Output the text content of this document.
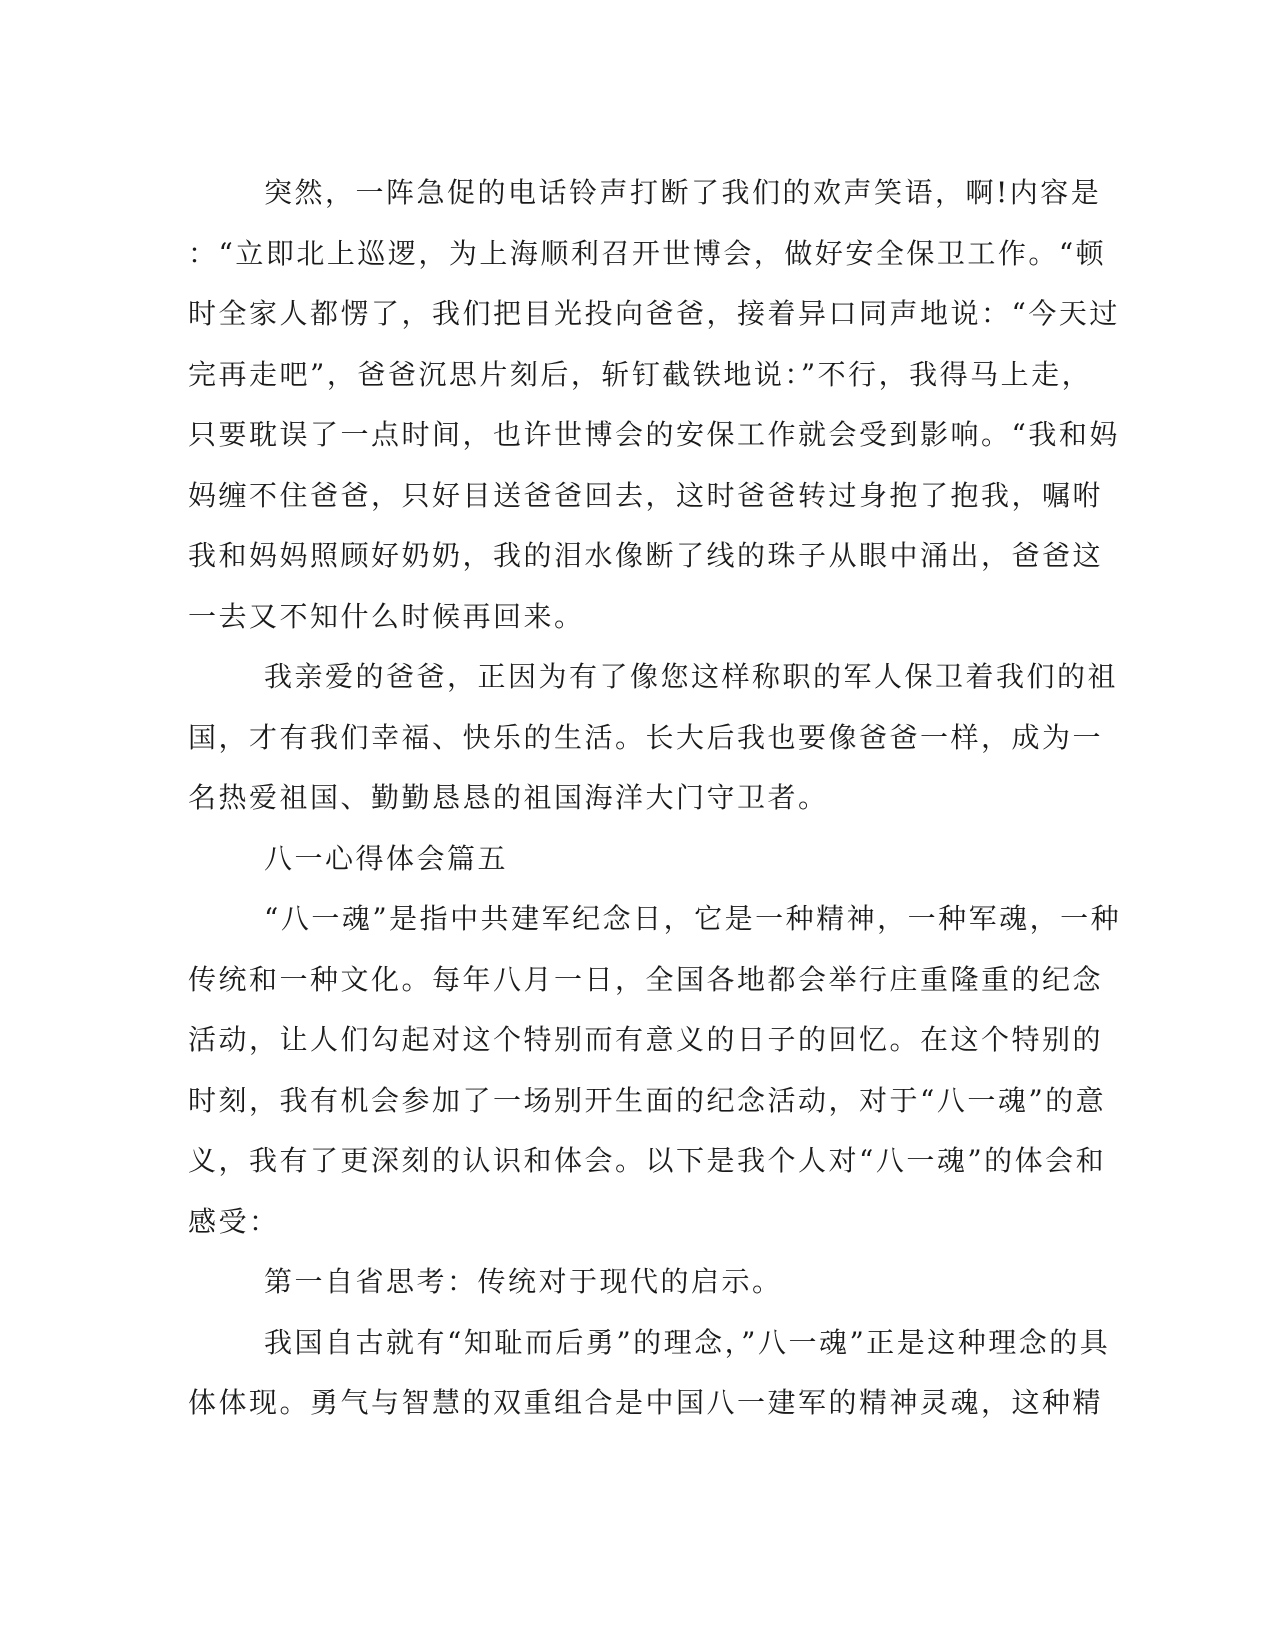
突然，一阵急促的电话铃声打断了我们的欢声笑语，啊!内容是
：“立即北上巡逻，为上海顺利召开世博会，做好安全保卫工作。“顿
时全家人都愣了，我们把目光投向爸爸，接着异口同声地说：“今天过
完再走吧”，爸爸沉思片刻后，斩钉截铁地说：”不行，我得马上走，
只要耽误了一点时间，也许世博会的安保工作就会受到影响。“我和妈
妈缠不住爸爸，只好目送爸爸回去，这时爸爸转过身抱了抱我，嘱咐
我和妈妈照顾好奶奶，我的泪水像断了线的珠子从眼中涌出，爸爸这
一去又不知什么时候再回来。
我亲爱的爸爸，正因为有了像您这样称职的军人保卫着我们的祖
国，才有我们幸福、快乐的生活。长大后我也要像爸爸一样，成为一
名热爱祖国、勤勤恳恳的祖国海洋大门守卫者。
八一心得体会篇五
“八一魂”是指中共建军纪念日，它是一种精神，一种军魂，一种
传统和一种文化。每年八月一日，全国各地都会举行庄重隆重的纪念
活动，让人们勾起对这个特别而有意义的日子的回忆。在这个特别的
时刻，我有机会参加了一场别开生面的纪念活动，对于“八一魂”的意
义，我有了更深刻的认识和体会。以下是我个人对“八一魂”的体会和
感受：
第一自省思考：传统对于现代的启示。
我国自古就有“知耻而后勇”的理念，”八一魂”正是这种理念的具
体体现。勇气与智慧的双重组合是中国八一建军的精神灵魂，这种精
